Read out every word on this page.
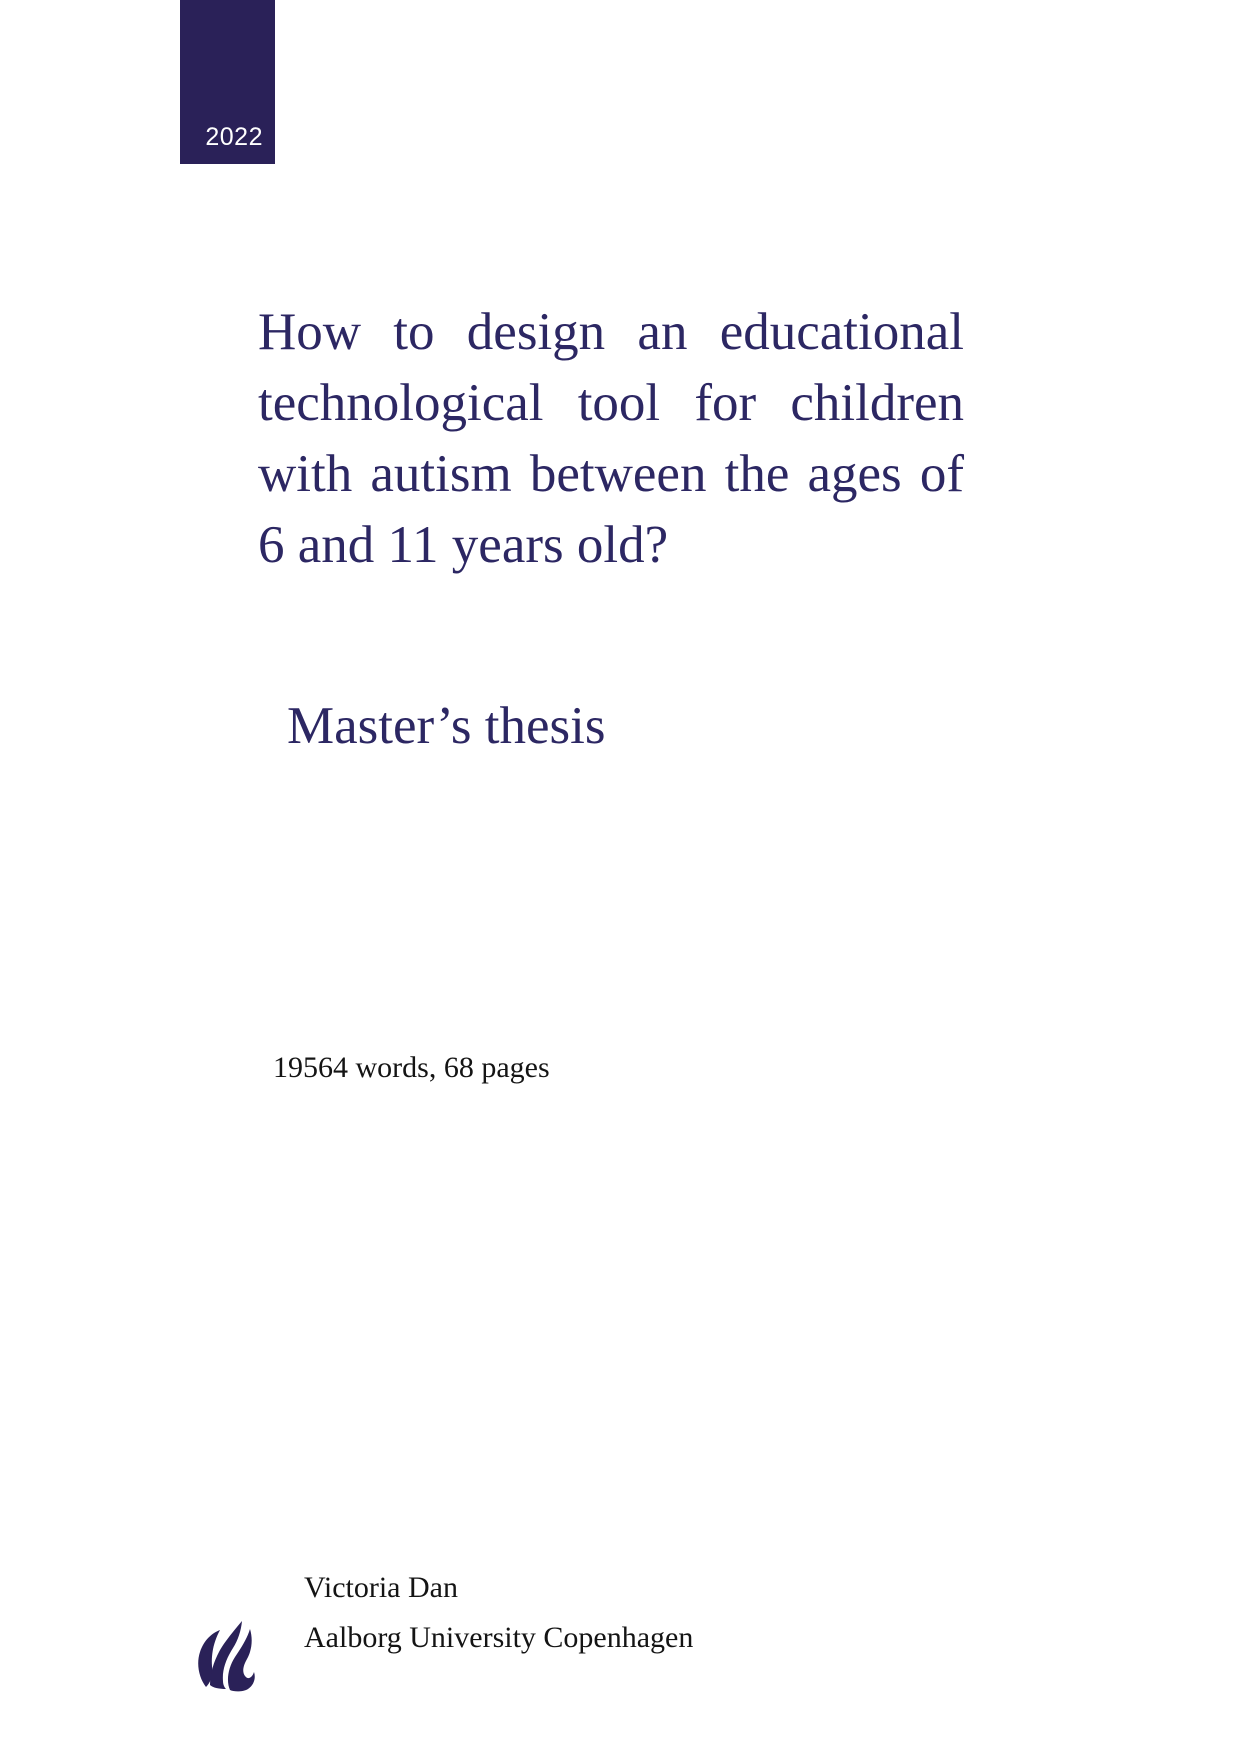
2022
How to design an educational
technological tool for children
with autism between the ages of
6 and 11 years old?
Master’s thesis
19564 words, 68 pages
Victoria Dan
Aalborg University Copenhagen
